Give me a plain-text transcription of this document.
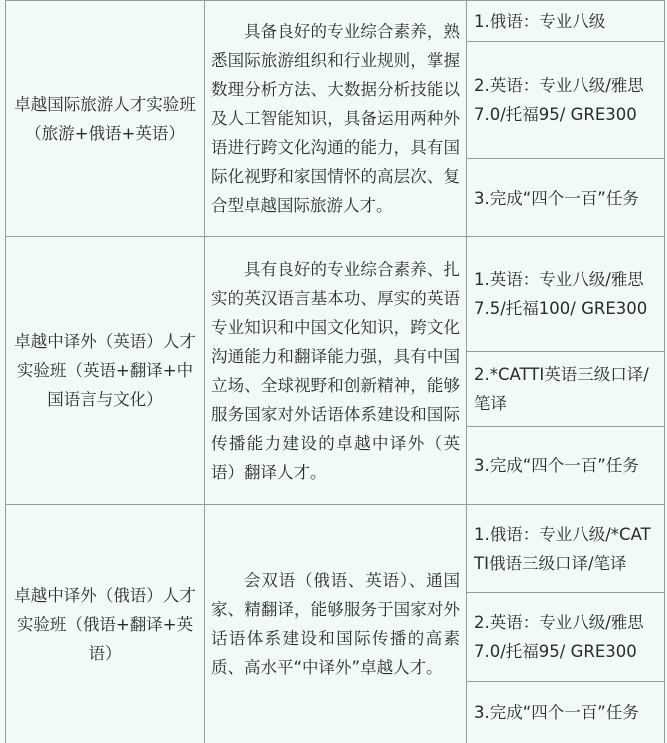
卓越国际旅游人才实验班（旅游+俄语+英语）
具备良好的专业综合素养，熟悉国际旅游组织和行业规则，掌握数理分析方法、大数据分析技能以及人工智能知识，具备运用两种外语进行跨文化沟通的能力，具有国际化视野和家国情怀的高层次、复合型卓越国际旅游人才。
1.俄语：专业八级
2.英语：专业八级/雅思7.0/托福95/ GRE300
3.完成“四个一百”任务
卓越中译外（英语）人才实验班（英语+翻译+中国语言与文化）
具有良好的专业综合素养、扎实的英汉语言基本功、厚实的英语专业知识和中国文化知识，跨文化沟通能力和翻译能力强，具有中国立场、全球视野和创新精神，能够服务国家对外话语体系建设和国际传播能力建设的卓越中译外（英语）翻译人才。
1.英语：专业八级/雅思7.5/托福100/ GRE300
2.*CATTI英语三级口译/笔译
3.完成“四个一百”任务
卓越中译外（俄语）人才实验班（俄语+翻译+英语）
会双语（俄语、英语）、通国家、精翻译，能够服务于国家对外话语体系建设和国际传播的高素质、高水平“中译外”卓越人才。
1.俄语：专业八级/*CATTI俄语三级口译/笔译
2.英语：专业八级/雅思7.0/托福95/ GRE300
3.完成“四个一百”任务
